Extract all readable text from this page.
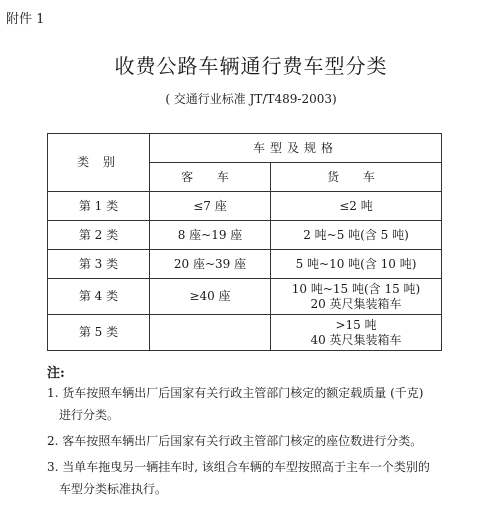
附件 1
收费公路车辆通行费车型分类
( 交通行业标准 JT/T489-2003)
类 别	车型及规格	
	客 车	货 车
第 1 类	≤7 座	≤2 吨
第 2 类	8 座~19 座	2 吨~5 吨(含 5 吨)
第 3 类	20 座~39 座	5 吨~10 吨(含 10 吨)
第 4 类	≥40 座	10 吨~15 吨(含 15 吨)
20 英尺集装箱车

第 5 类		>15 吨
40 英尺集装箱车
注:
1. 货车按照车辆出厂后国家有关行政主管部门核定的额定载质量 (千克)
进行分类。
2. 客车按照车辆出厂后国家有关行政主管部门核定的座位数进行分类。
3. 当单车拖曳另一辆挂车时, 该组合车辆的车型按照高于主车一个类别的
车型分类标准执行。
